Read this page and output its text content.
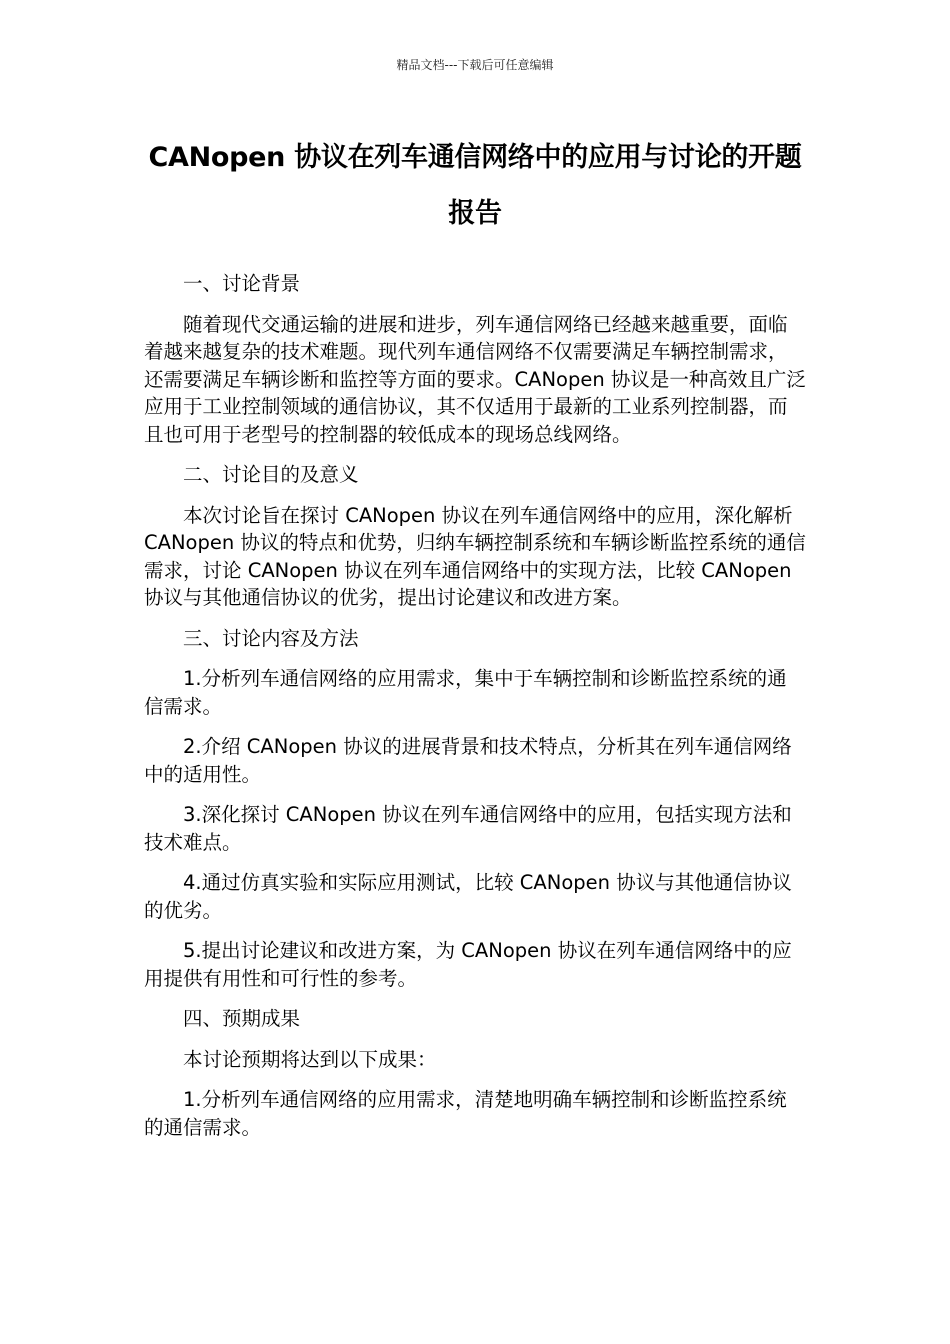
精品文档---下载后可任意编辑
CANopen 协议在列车通信网络中的应用与讨论的开题报告

一、讨论背景

随着现代交通运输的进展和进步，列车通信网络已经越来越重要，面临着越来越复杂的技术难题。现代列车通信网络不仅需要满足车辆控制需求，还需要满足车辆诊断和监控等方面的要求。CANopen 协议是一种高效且广泛应用于工业控制领域的通信协议，其不仅适用于最新的工业系列控制器，而且也可用于老型号的控制器的较低成本的现场总线网络。

二、讨论目的及意义

本次讨论旨在探讨 CANopen 协议在列车通信网络中的应用，深化解析 CANopen 协议的特点和优势，归纳车辆控制系统和车辆诊断监控系统的通信需求，讨论 CANopen 协议在列车通信网络中的实现方法，比较 CANopen 协议与其他通信协议的优劣，提出讨论建议和改进方案。

三、讨论内容及方法

1.分析列车通信网络的应用需求，集中于车辆控制和诊断监控系统的通信需求。

2.介绍 CANopen 协议的进展背景和技术特点，分析其在列车通信网络中的适用性。

3.深化探讨 CANopen 协议在列车通信网络中的应用，包括实现方法和技术难点。

4.通过仿真实验和实际应用测试，比较 CANopen 协议与其他通信协议的优劣。

5.提出讨论建议和改进方案，为 CANopen 协议在列车通信网络中的应用提供有用性和可行性的参考。

四、预期成果

本讨论预期将达到以下成果：

1.分析列车通信网络的应用需求，清楚地明确车辆控制和诊断监控系统的通信需求。
